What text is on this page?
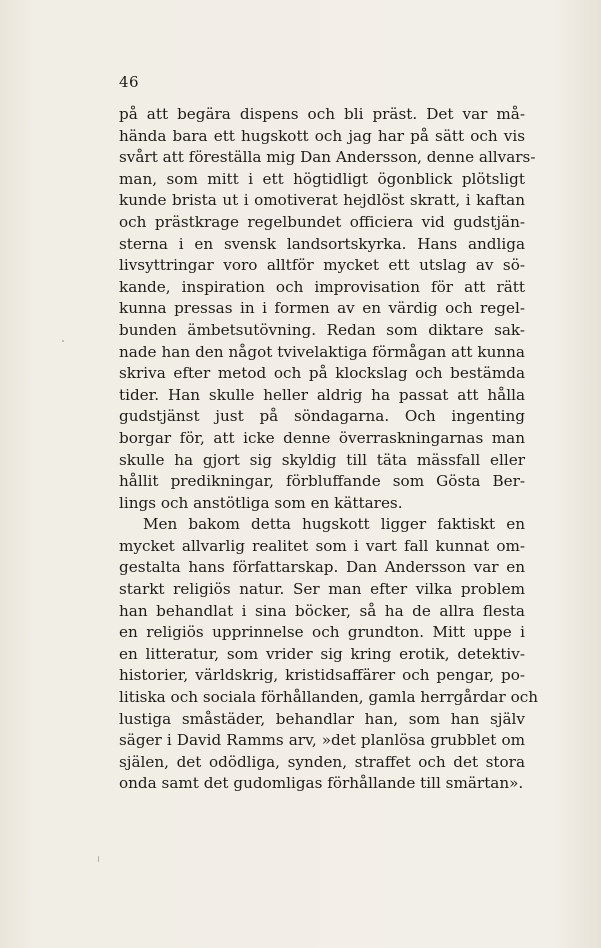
46
på att begära dispens och bli präst. Det var må-
hända bara ett hugskott och jag har på sätt och vis
svårt att föreställa mig Dan Andersson, denne allvars-
man, som mitt i ett högtidligt ögonblick plötsligt
kunde brista ut i omotiverat hejdlöst skratt, i kaftan
och prästkrage regelbundet officiera vid gudstjän-
sterna i en svensk landsortskyrka. Hans andliga
livsyttringar voro alltför mycket ett utslag av sö-
kande, inspiration och improvisation för att rätt
kunna pressas in i formen av en värdig och regel-
bunden ämbetsutövning. Redan som diktare sak-
nade han den något tvivelaktiga förmågan att kunna
skriva efter metod och på klockslag och bestämda
tider. Han skulle heller aldrig ha passat att hålla
gudstjänst just på söndagarna. Och ingenting
borgar för, att icke denne överraskningarnas man
skulle ha gjort sig skyldig till täta mässfall eller
hållit predikningar, förbluffande som Gösta Ber-
lings och anstötliga som en kättares.
Men bakom detta hugskott ligger faktiskt en
mycket allvarlig realitet som i vart fall kunnat om-
gestalta hans författarskap. Dan Andersson var en
starkt religiös natur. Ser man efter vilka problem
han behandlat i sina böcker, så ha de allra flesta
en religiös upprinnelse och grundton. Mitt uppe i
en litteratur, som vrider sig kring erotik, detektiv-
historier, världskrig, kristidsaffärer och pengar, po-
litiska och sociala förhållanden, gamla herrgårdar och
lustiga småstäder, behandlar han, som han själv
säger i David Ramms arv, »det planlösa grubblet om
själen, det odödliga, synden, straffet och det stora
onda samt det gudomligas förhållande till smärtan».
